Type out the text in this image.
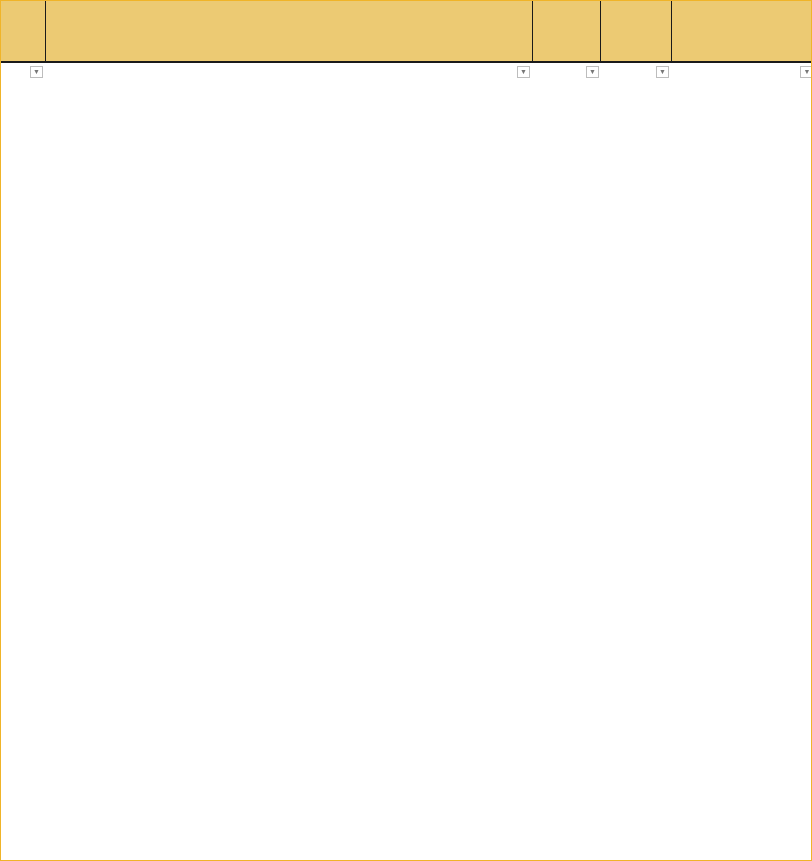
▼	▼	▼	▼	▼
